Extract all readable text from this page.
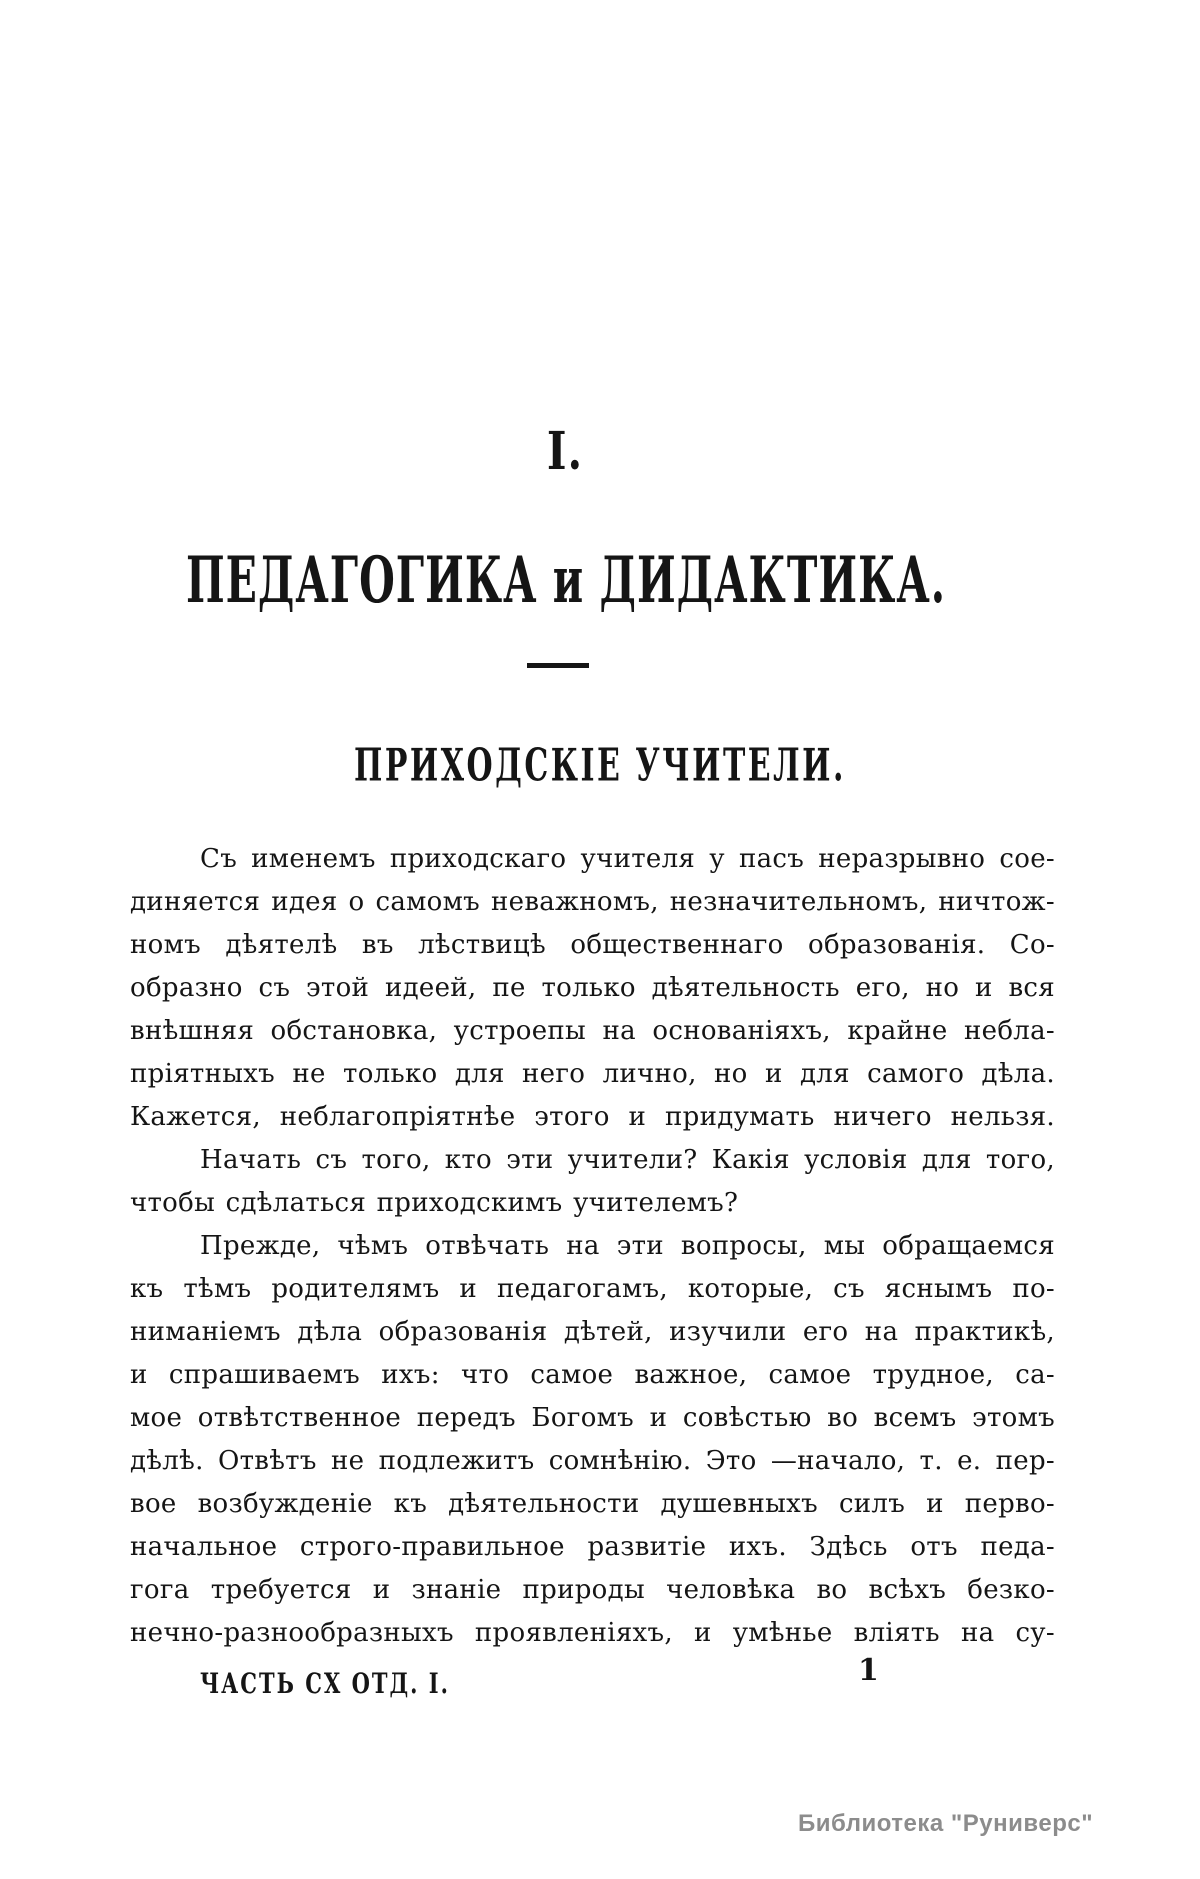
I.
ПЕДАГОГИКА и ДИДАКТИКА.
ПРИХОДСКІЕ УЧИТЕЛИ.
Съ именемъ приходскаго учителя у пасъ неразрывно сое-
диняется идея о самомъ неважномъ, незначительномъ, ничтож-
номъ дѣятелѣ въ лѣствицѣ общественнаго образованія. Со-
образно съ этой идеей, пе только дѣятельность его, но и вся
внѣшняя обстановка, устроепы на основаніяхъ, крайне небла-
пріятныхъ не только для него лично, но и для самого дѣла.
Кажется, неблагопріятнѣе этого и придумать ничего нельзя.
Начать съ того, кто эти учители? Какія условія для того,
чтобы сдѣлаться приходскимъ учителемъ?
Прежде, чѣмъ отвѣчать на эти вопросы, мы обращаемся
къ тѣмъ родителямъ и педагогамъ, которые, съ яснымъ по-
ниманіемъ дѣла образованія дѣтей, изучили его на практикѣ,
и спрашиваемъ ихъ: что самое важное, самое трудное, са-
мое отвѣтственное передъ Богомъ и совѣстью во всемъ этомъ
дѣлѣ. Отвѣтъ не подлежитъ сомнѣнію. Это —начало, т. е. пер-
вое возбужденіе къ дѣятельности душевныхъ силъ и перво-
начальное строго-правильное развитіе ихъ. Здѣсь отъ педа-
гога требуется и знаніе природы человѣка во всѣхъ безко-
нечно-разнообразныхъ проявленіяхъ, и умѣнье вліять на су-
ЧАСТЬ CX ОТД. I.	1
Библиотека "Руниверс"
